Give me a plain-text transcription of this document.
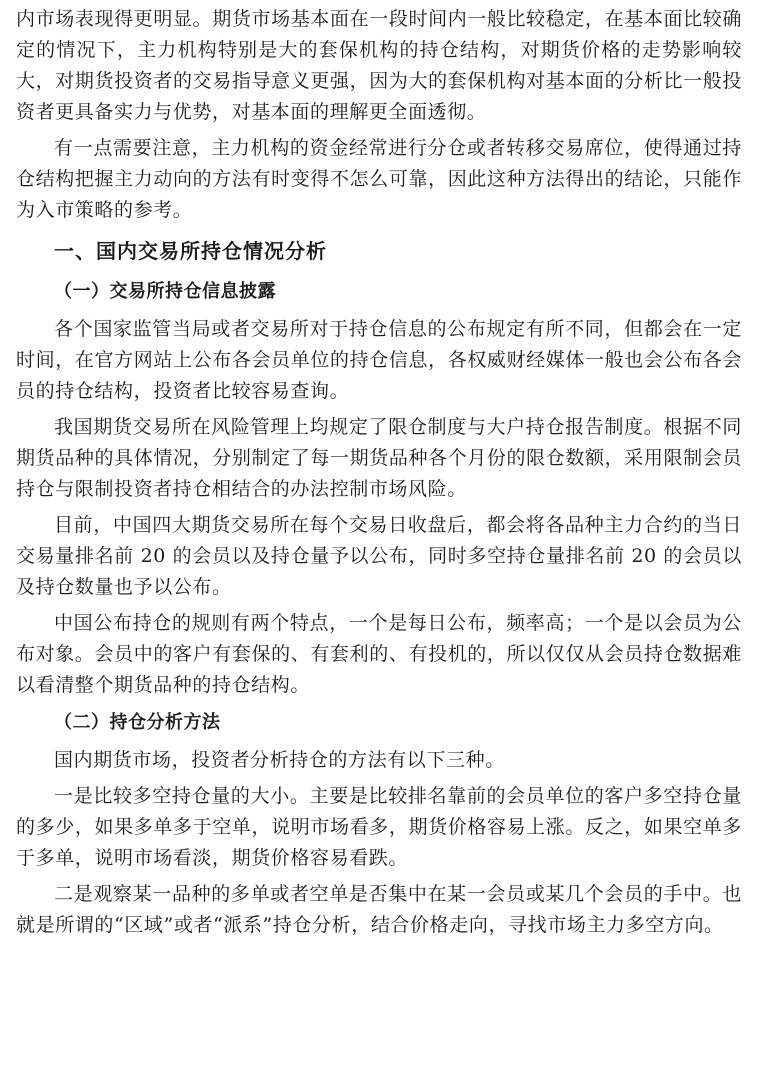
内市场表现得更明显。期货市场基本面在一段时间内一般比较稳定，在基本面比较确定的情况下，主力机构特别是大的套保机构的持仓结构，对期货价格的走势影响较大，对期货投资者的交易指导意义更强，因为大的套保机构对基本面的分析比一般投资者更具备实力与优势，对基本面的理解更全面透彻。

有一点需要注意，主力机构的资金经常进行分仓或者转移交易席位，使得通过持仓结构把握主力动向的方法有时变得不怎么可靠，因此这种方法得出的结论，只能作为入市策略的参考。

一、国内交易所持仓情况分析
（一）交易所持仓信息披露

各个国家监管当局或者交易所对于持仓信息的公布规定有所不同，但都会在一定时间，在官方网站上公布各会员单位的持仓信息，各权威财经媒体一般也会公布各会员的持仓结构，投资者比较容易查询。

我国期货交易所在风险管理上均规定了限仓制度与大户持仓报告制度。根据不同期货品种的具体情况，分别制定了每一期货品种各个月份的限仓数额，采用限制会员持仓与限制投资者持仓相结合的办法控制市场风险。

目前，中国四大期货交易所在每个交易日收盘后，都会将各品种主力合约的当日交易量排名前 20 的会员以及持仓量予以公布，同时多空持仓量排名前 20 的会员以及持仓数量也予以公布。

中国公布持仓的规则有两个特点，一个是每日公布，频率高；一个是以会员为公布对象。会员中的客户有套保的、有套利的、有投机的，所以仅仅从会员持仓数据难以看清整个期货品种的持仓结构。

（二）持仓分析方法

国内期货市场，投资者分析持仓的方法有以下三种。

一是比较多空持仓量的大小。主要是比较排名靠前的会员单位的客户多空持仓量的多少，如果多单多于空单，说明市场看多，期货价格容易上涨。反之，如果空单多于多单，说明市场看淡，期货价格容易看跌。

二是观察某一品种的多单或者空单是否集中在某一会员或某几个会员的手中。也就是所谓的“区域”或者“派系”持仓分析，结合价格走向，寻找市场主力多空方向。
